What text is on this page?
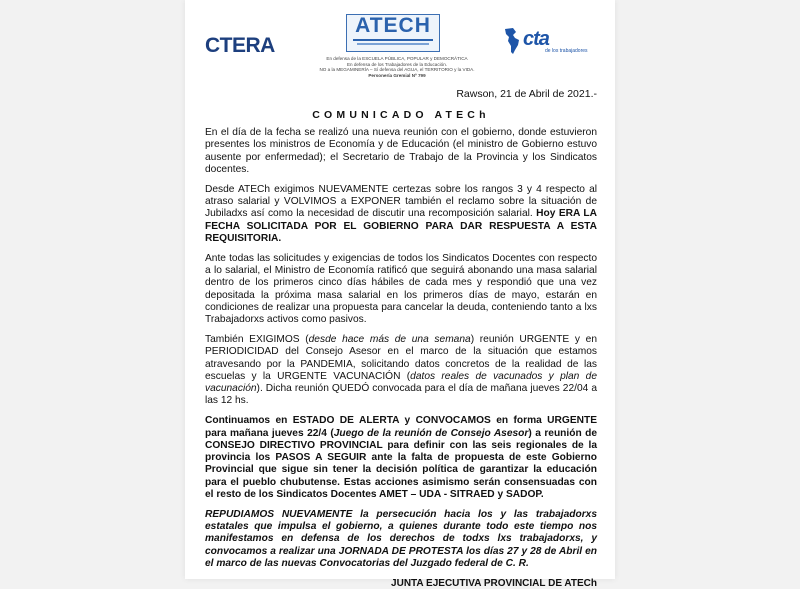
CTERA
ATECH
cta
de los trabajadores
En defensa de la ESCUELA PÚBLICA, POPULAR y DEMOCRÁTICA
En defensa de los Trabajadores de la Educación.
NO a la MEGAMINERÍA – Sí defensa del AGUA, el TERRITORIO y la VIDA.
Personería Gremial Nº 799
Rawson, 21 de Abril de 2021.-
COMUNICADO ATECh

En el día de la fecha se realizó una nueva reunión con el gobierno, donde estuvieron presentes los ministros de Economía y de Educación (el ministro de Gobierno estuvo ausente por enfermedad); el Secretario de Trabajo de la Provincia y los Sindicatos docentes.

Desde ATECh exigimos NUEVAMENTE certezas sobre los rangos 3 y 4 respecto al atraso salarial y VOLVIMOS a EXPONER también el reclamo sobre la situación de Jubiladxs así como la necesidad de discutir una recomposición salarial. Hoy ERA LA FECHA SOLICITADA POR EL GOBIERNO PARA DAR RESPUESTA A ESTA REQUISITORIA.

Ante todas las solicitudes y exigencias de todos los Sindicatos Docentes con respecto a lo salarial, el Ministro de Economía ratificó que seguirá abonando una masa salarial dentro de los primeros cinco días hábiles de cada mes y respondió que una vez depositada la próxima masa salarial en los primeros días de mayo, estarán en condiciones de realizar una propuesta para cancelar la deuda, conteniendo tanto a lxs Trabajadorxs activos como pasivos.

También EXIGIMOS (desde hace más de una semana) reunión URGENTE y en PERIODICIDAD del Consejo Asesor en el marco de la situación que estamos atravesando por la PANDEMIA, solicitando datos concretos de la realidad de las escuelas y la URGENTE VACUNACIÓN (datos reales de vacunados y plan de vacunación). Dicha reunión QUEDÓ convocada para el día de mañana jueves 22/04 a las 12 hs.

Continuamos en ESTADO DE ALERTA y CONVOCAMOS en forma URGENTE para mañana jueves 22/4 (Juego de la reunión de Consejo Asesor) a reunión de CONSEJO DIRECTIVO PROVINCIAL para definir con las seis regionales de la provincia los PASOS A SEGUIR ante la falta de propuesta de este Gobierno Provincial que sigue sin tener la decisión política de garantizar la educación para el pueblo chubutense. Estas acciones asimismo serán consensuadas con el resto de los Sindicatos Docentes AMET – UDA - SITRAED y SADOP.

REPUDIAMOS NUEVAMENTE la persecución hacia los y las trabajadorxs estatales que impulsa el gobierno, a quienes durante todo este tiempo nos manifestamos en defensa de los derechos de todxs lxs trabajadorxs, y convocamos a realizar una JORNADA DE PROTESTA los días 27 y 28 de Abril en el marco de las nuevas Convocatorias del Juzgado federal de C. R.

JUNTA EJECUTIVA PROVINCIAL DE ATECh
